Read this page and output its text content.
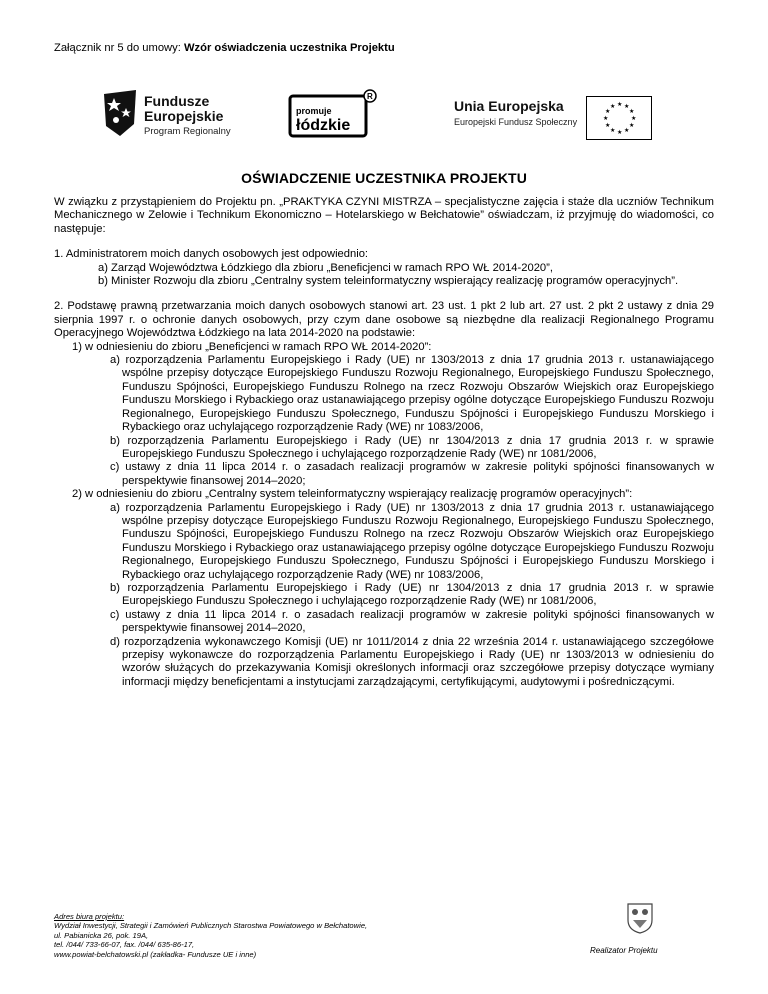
Załącznik nr 5 do umowy: Wzór oświadczenia uczestnika Projektu
Fundusze
Europejskie
Program Regionalny
promuje
łódzkie
R
Unia Europejska
Europejski Fundusz Społeczny
★ ★
★
★
★
★
★
★
★
★
★
★
OŚWIADCZENIE UCZESTNIKA PROJEKTU

W związku z przystąpieniem do Projektu pn. „PRAKTYKA CZYNI MISTRZA – specjalistyczne zajęcia i staże dla uczniów Technikum Mechanicznego w Zelowie i Technikum Ekonomiczno – Hotelarskiego w Bełchatowie” oświadczam, iż przyjmuję do wiadomości, co następuje:

1. Administratorem moich danych osobowych jest odpowiednio:
a) Zarząd Województwa Łódzkiego dla zbioru „Beneficjenci w ramach RPO WŁ 2014-2020”,
b) Minister Rozwoju dla zbioru „Centralny system teleinformatyczny wspierający realizację programów operacyjnych”.
2. Podstawę prawną przetwarzania moich danych osobowych stanowi art. 23 ust. 1 pkt 2 lub art. 27 ust. 2 pkt 2 ustawy z dnia 29 sierpnia 1997 r. o ochronie danych osobowych, przy czym dane osobowe są niezbędne dla realizacji Regionalnego Programu Operacyjnego Województwa Łódzkiego na lata 2014-2020 na podstawie:
1) w odniesieniu do zbioru „Beneficjenci w ramach RPO WŁ 2014-2020”:
a) rozporządzenia Parlamentu Europejskiego i Rady (UE) nr 1303/2013 z dnia 17 grudnia 2013 r. ustanawiającego wspólne przepisy dotyczące Europejskiego Funduszu Rozwoju Regionalnego, Europejskiego Funduszu Społecznego, Funduszu Spójności, Europejskiego Funduszu Rolnego na rzecz Rozwoju Obszarów Wiejskich oraz Europejskiego Funduszu Morskiego i Rybackiego oraz ustanawiającego przepisy ogólne dotyczące Europejskiego Funduszu Rozwoju Regionalnego, Europejskiego Funduszu Społecznego, Funduszu Spójności i Europejskiego Funduszu Morskiego i Rybackiego oraz uchylającego rozporządzenie Rady (WE) nr 1083/2006,
b) rozporządzenia Parlamentu Europejskiego i Rady (UE) nr 1304/2013 z dnia 17 grudnia 2013 r. w sprawie Europejskiego Funduszu Społecznego i uchylającego rozporządzenie Rady (WE) nr 1081/2006,
c) ustawy z dnia 11 lipca 2014 r. o zasadach realizacji programów w zakresie polityki spójności finansowanych w perspektywie finansowej 2014–2020;
2) w odniesieniu do zbioru „Centralny system teleinformatyczny wspierający realizację programów operacyjnych”:
a) rozporządzenia Parlamentu Europejskiego i Rady (UE) nr 1303/2013 z dnia 17 grudnia 2013 r. ustanawiającego wspólne przepisy dotyczące Europejskiego Funduszu Rozwoju Regionalnego, Europejskiego Funduszu Społecznego, Funduszu Spójności, Europejskiego Funduszu Rolnego na rzecz Rozwoju Obszarów Wiejskich oraz Europejskiego Funduszu Morskiego i Rybackiego oraz ustanawiającego przepisy ogólne dotyczące Europejskiego Funduszu Rozwoju Regionalnego, Europejskiego Funduszu Społecznego, Funduszu Spójności i Europejskiego Funduszu Morskiego i Rybackiego oraz uchylającego rozporządzenie Rady (WE) nr 1083/2006,
b) rozporządzenia Parlamentu Europejskiego i Rady (UE) nr 1304/2013 z dnia 17 grudnia 2013 r. w sprawie Europejskiego Funduszu Społecznego i uchylającego rozporządzenie Rady (WE) nr 1081/2006,
c) ustawy z dnia 11 lipca 2014 r. o zasadach realizacji programów w zakresie polityki spójności finansowanych w perspektywie finansowej 2014–2020,
d) rozporządzenia wykonawczego Komisji (UE) nr 1011/2014 z dnia 22 września 2014 r. ustanawiającego szczegółowe przepisy wykonawcze do rozporządzenia Parlamentu Europejskiego i Rady (UE) nr 1303/2013 w odniesieniu do wzorów służących do przekazywania Komisji określonych informacji oraz szczegółowe przepisy dotyczące wymiany informacji między beneficjentami a instytucjami zarządzającymi, certyfikującymi, audytowymi i pośredniczącymi.
Adres biura projektu:
Wydział Inwestycji, Strategii i Zamówień Publicznych Starostwa Powiatowego w Bełchatowie,
ul. Pabianicka 26, pok. 19A,
tel. /044/ 733-66-07, fax. /044/ 635-86-17,
www.powiat-belchatowski.pl (zakładka- Fundusze UE i inne)	Realizator Projektu
